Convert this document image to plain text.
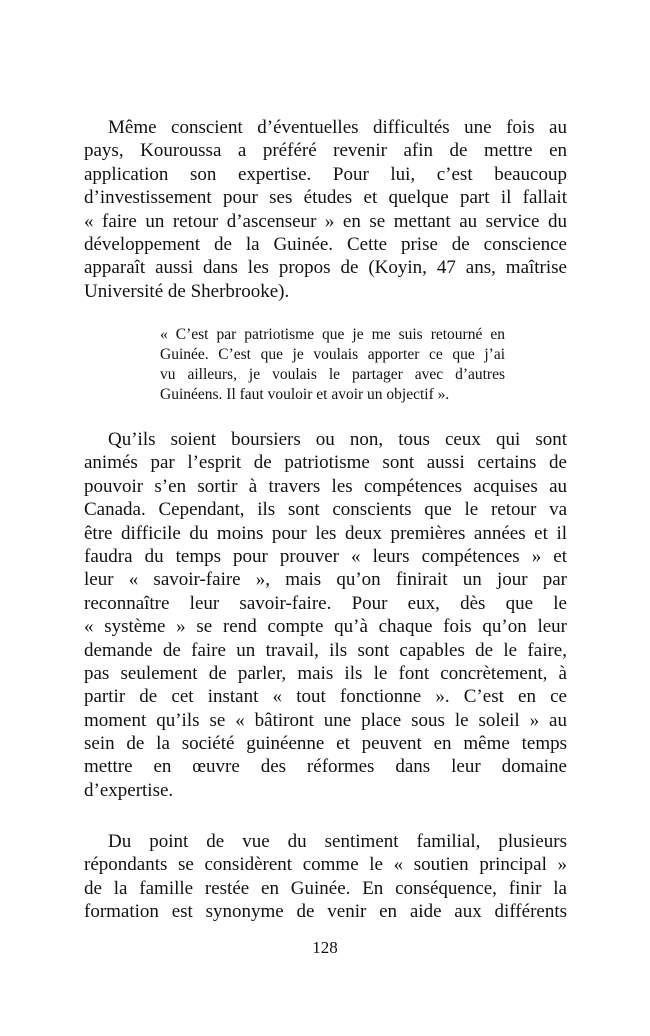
Même conscient d’éventuelles difficultés une fois au
pays, Kouroussa a préféré revenir afin de mettre en
application son expertise. Pour lui, c’est beaucoup
d’investissement pour ses études et quelque part il fallait
« faire un retour d’ascenseur » en se mettant au service du
développement de la Guinée. Cette prise de conscience
apparaît aussi dans les propos de (Koyin, 47 ans, maîtrise
Université de Sherbrooke).
« C’est par patriotisme que je me suis retourné en
Guinée. C’est que je voulais apporter ce que j’ai
vu ailleurs, je voulais le partager avec d’autres
Guinéens. Il faut vouloir et avoir un objectif ».
Qu’ils soient boursiers ou non, tous ceux qui sont
animés par l’esprit de patriotisme sont aussi certains de
pouvoir s’en sortir à travers les compétences acquises au
Canada. Cependant, ils sont conscients que le retour va
être difficile du moins pour les deux premières années et il
faudra du temps pour prouver « leurs compétences » et
leur « savoir-faire », mais qu’on finirait un jour par
reconnaître leur savoir-faire. Pour eux, dès que le
« système » se rend compte qu’à chaque fois qu’on leur
demande de faire un travail, ils sont capables de le faire,
pas seulement de parler, mais ils le font concrètement, à
partir de cet instant « tout fonctionne ». C’est en ce
moment qu’ils se « bâtiront une place sous le soleil » au
sein de la société guinéenne et peuvent en même temps
mettre en œuvre des réformes dans leur domaine
d’expertise.
Du point de vue du sentiment familial, plusieurs
répondants se considèrent comme le « soutien principal »
de la famille restée en Guinée. En conséquence, finir la
formation est synonyme de venir en aide aux différents
128
